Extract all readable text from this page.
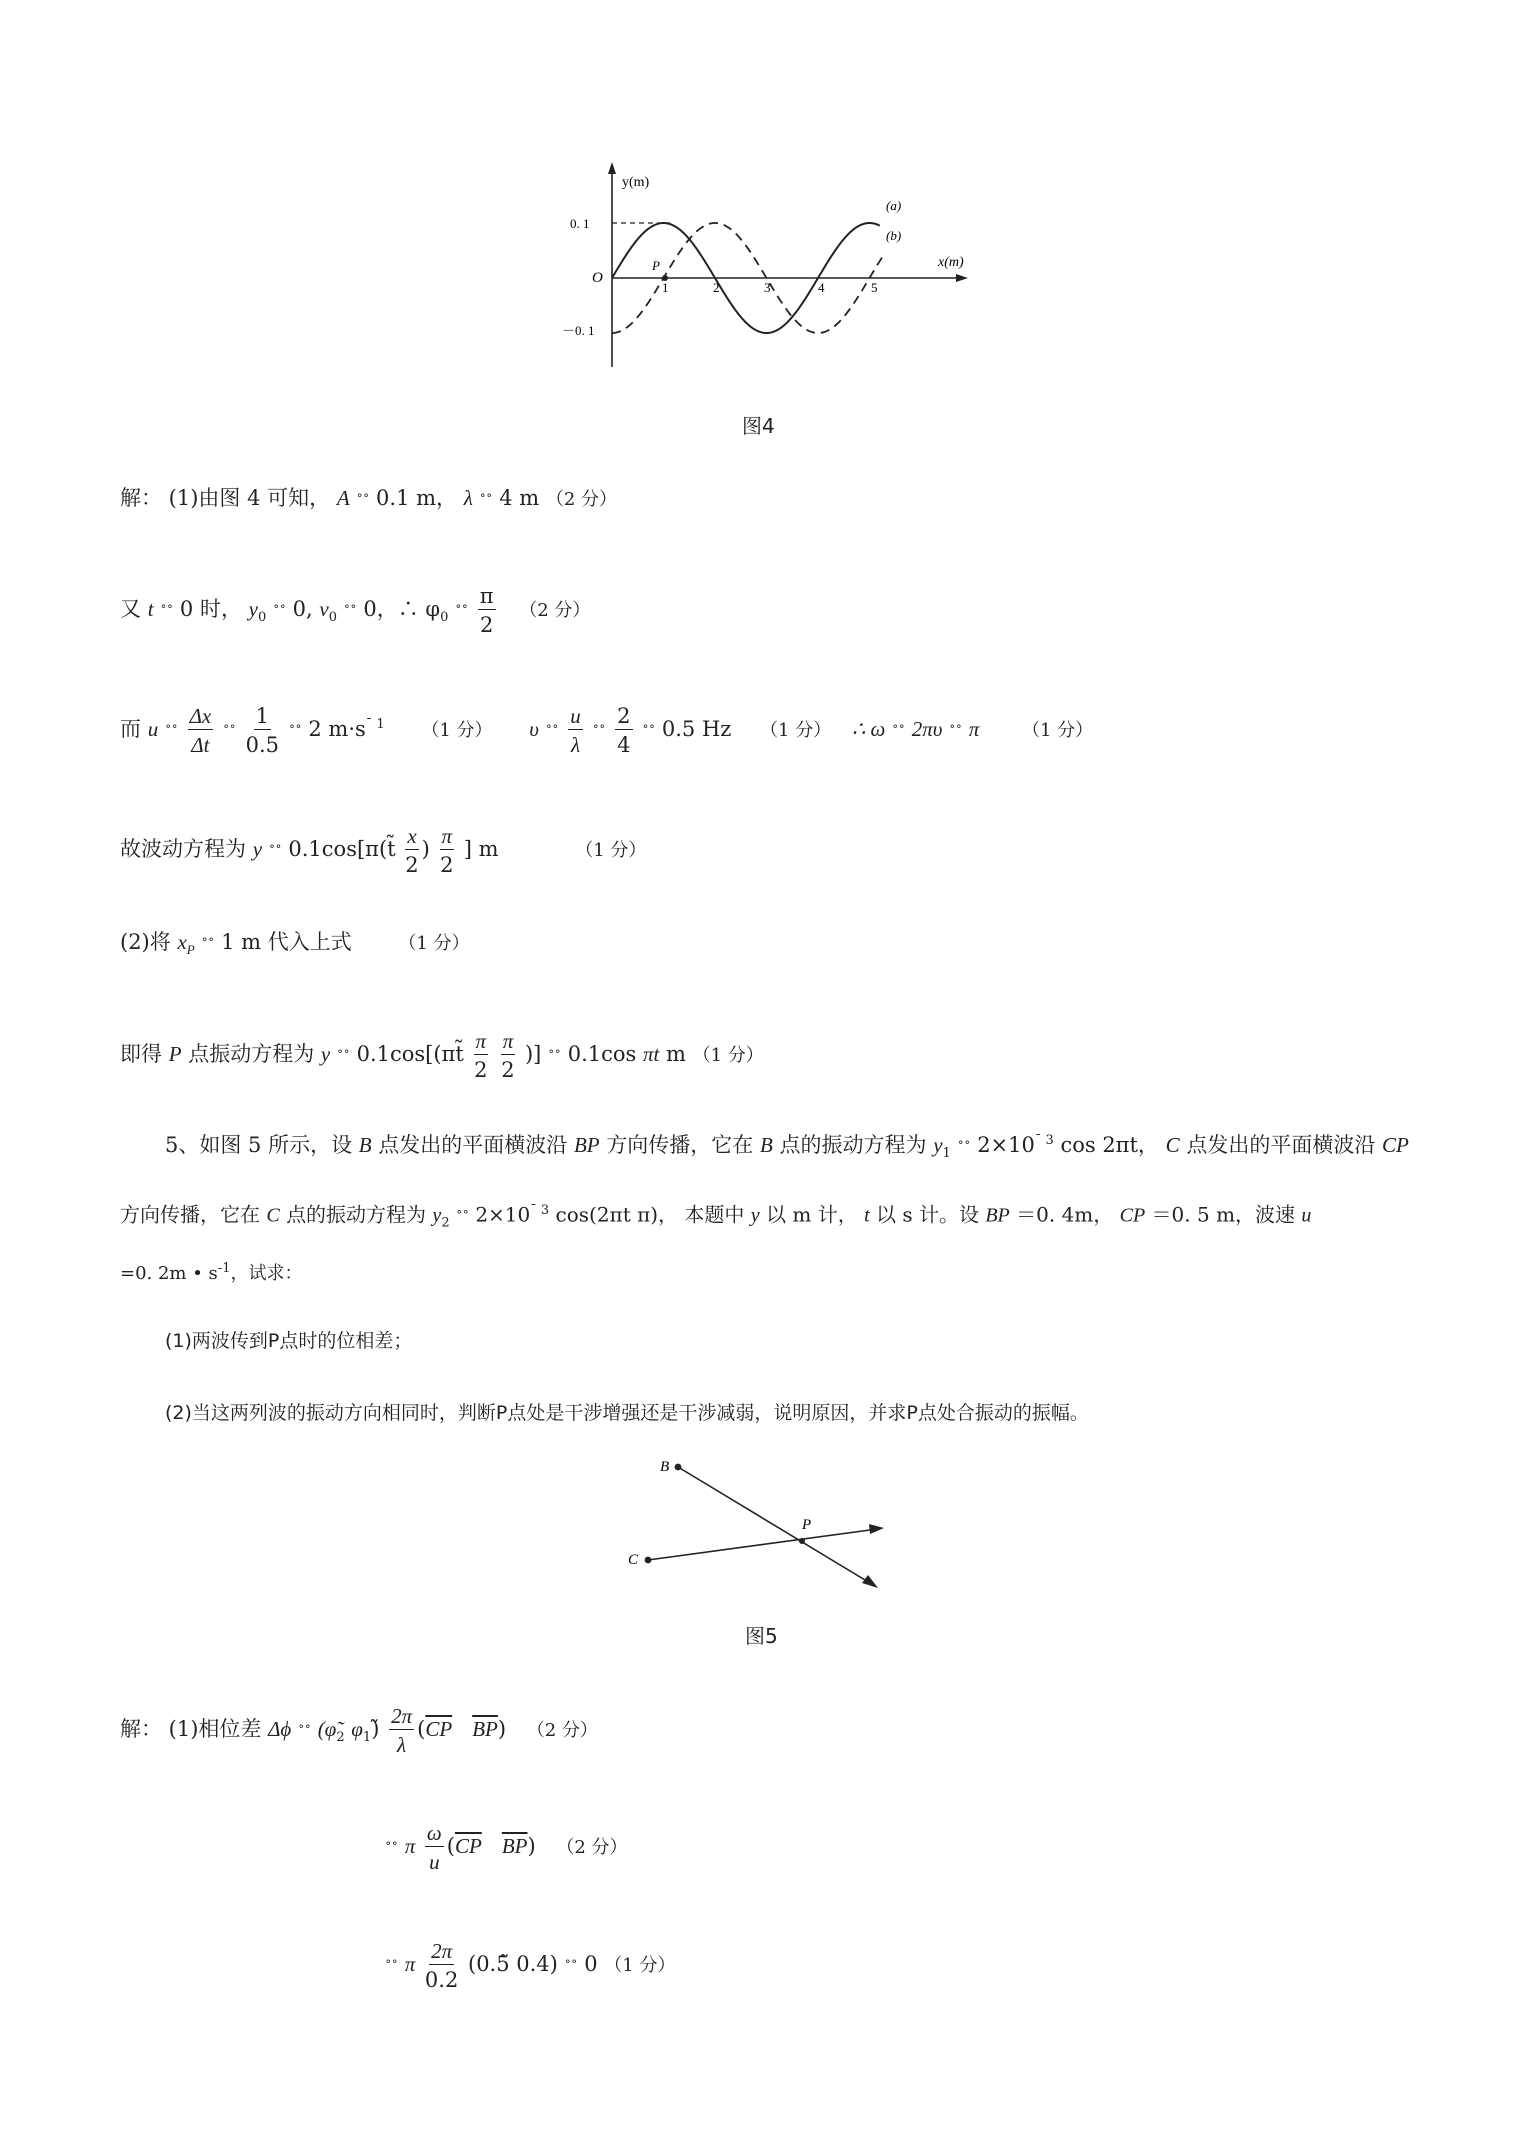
y(m)
x(m)
O
0. 1
－0. 1
1	2	3	4	5
P
(a)
(b)
图4
解： (1)由图 4 可知， A ˚˚ 0.1 m， λ ˚˚ 4 m （2 分）
又 t ˚˚ 0 时， $y_0$ ˚˚ 0, $v_0$ ˚˚ 0，∴ $\varphi_0$ ˚˚ $\frac{\pi}{2} (2$ 分）
而 u ˚˚ $\frac{\Delta x}{\Delta t}$ ˚˚ $\frac{1}{0.5}$ ˚˚ 2 $m\cdot s^{¯ 1}$ （1 分） υ ˚˚ $\frac{u}{\lambda}$ ˚˚ $\frac{2}{4}$ ˚˚ 0.5 Hz （1 分） ∴ ω ˚˚ 2πυ ˚˚ π （1 分）
故波动方程为 y ˚˚ 0.1cos[π(t̃ $\frac{x}{2}$ ) $\frac{\pi}{2}$ ] m	（1 分）
(2)将 $x_P$ ˚˚ 1 m 代入上式	（1 分）
即得 P 点振动方程为 y ˚˚ 0.1cos[(πt̃ $\frac{\pi}{2}$
$\frac{\pi}{2}$ )] ˚˚ 0.1cos πt m （1 分）
5、如图 5 所示，设 B 点发出的平面横波沿 BP 方向传播，它在 B 点的振动方程为 $y_1$ ˚˚ $2\times 10^{¯ 3}$ cos 2πt， C 点发出的平面横波沿 CP
方向传播，它在 C 点的振动方程为 $y_2$ ˚˚ $2\times 10^{¯ 3}$ cos(2πt π)， 本题中 y 以 m 计， t 以 s 计。设 BP ＝0. 4m， CP ＝0. 5 m，波速 u
=0. 2m • $s^{-1}$，试求：
(1)两波传到P点时的位相差；
(2)当这两列波的振动方向相同时，判断P点处是干涉增强还是干涉减弱，说明原因，并求P点处合振动的振幅。
B
C
P
图5
解： (1)相位差 Δϕ ˚˚ ($\varphĩ_2$ $\varphi_1)̃ \frac{2\pi}{\lambda} (\overline{CP}$ $\overline{BP}$) （2 分）
˚˚ π $\frac{\omega}{u} (\overline{CP}$ $\overline{BP}$) （2 分）
˚˚ π $\frac{2\pi}{0.2}$ (0.5̃ 0.4) ˚˚ 0 （1 分）
